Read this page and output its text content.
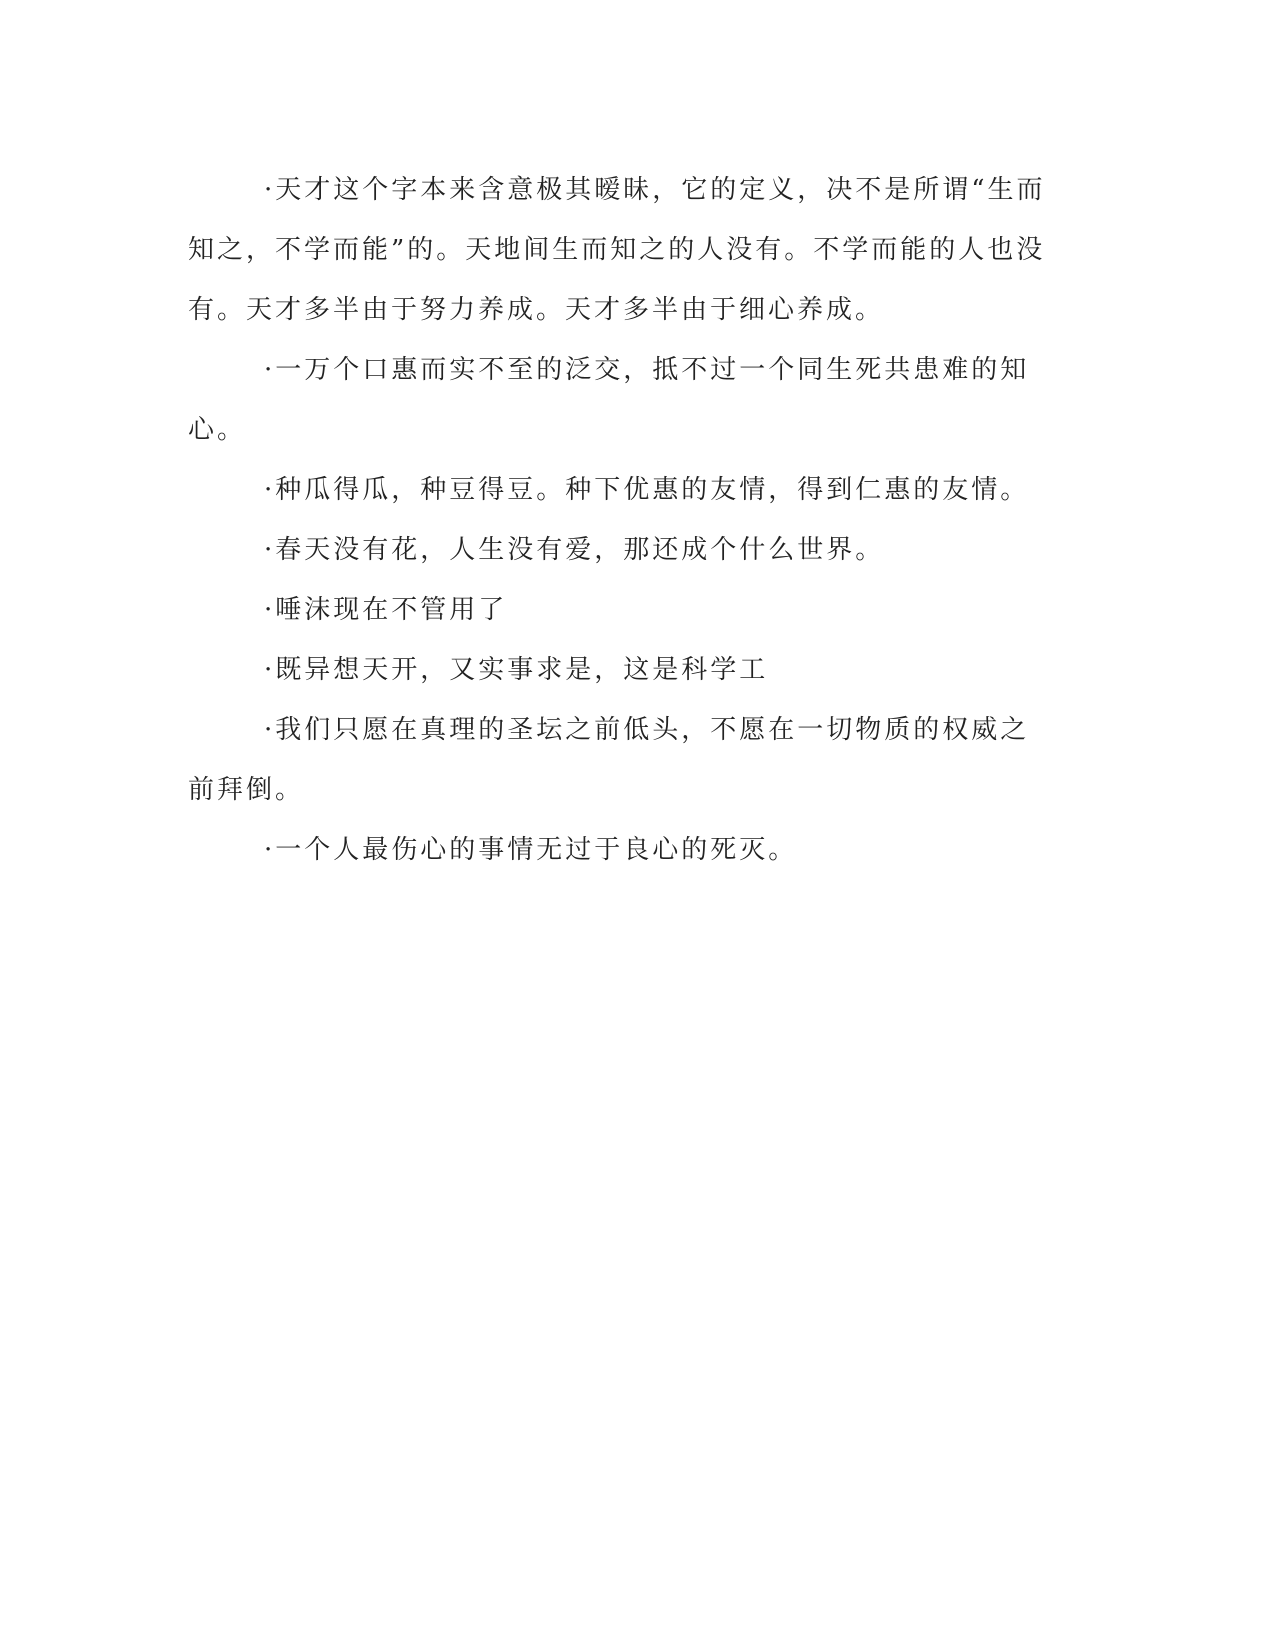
·天才这个字本来含意极其暧昧，它的定义，决不是所谓“生而知之，不学而能”的。天地间生而知之的人没有。不学而能的人也没有。天才多半由于努力养成。天才多半由于细心养成。

·一万个口惠而实不至的泛交，抵不过一个同生死共患难的知心。

·种瓜得瓜，种豆得豆。种下优惠的友情，得到仁惠的友情。

·春天没有花，人生没有爱，那还成个什么世界。

·唾沫现在不管用了

·既异想天开，又实事求是，这是科学工

·我们只愿在真理的圣坛之前低头，不愿在一切物质的权威之前拜倒。

·一个人最伤心的事情无过于良心的死灭。
